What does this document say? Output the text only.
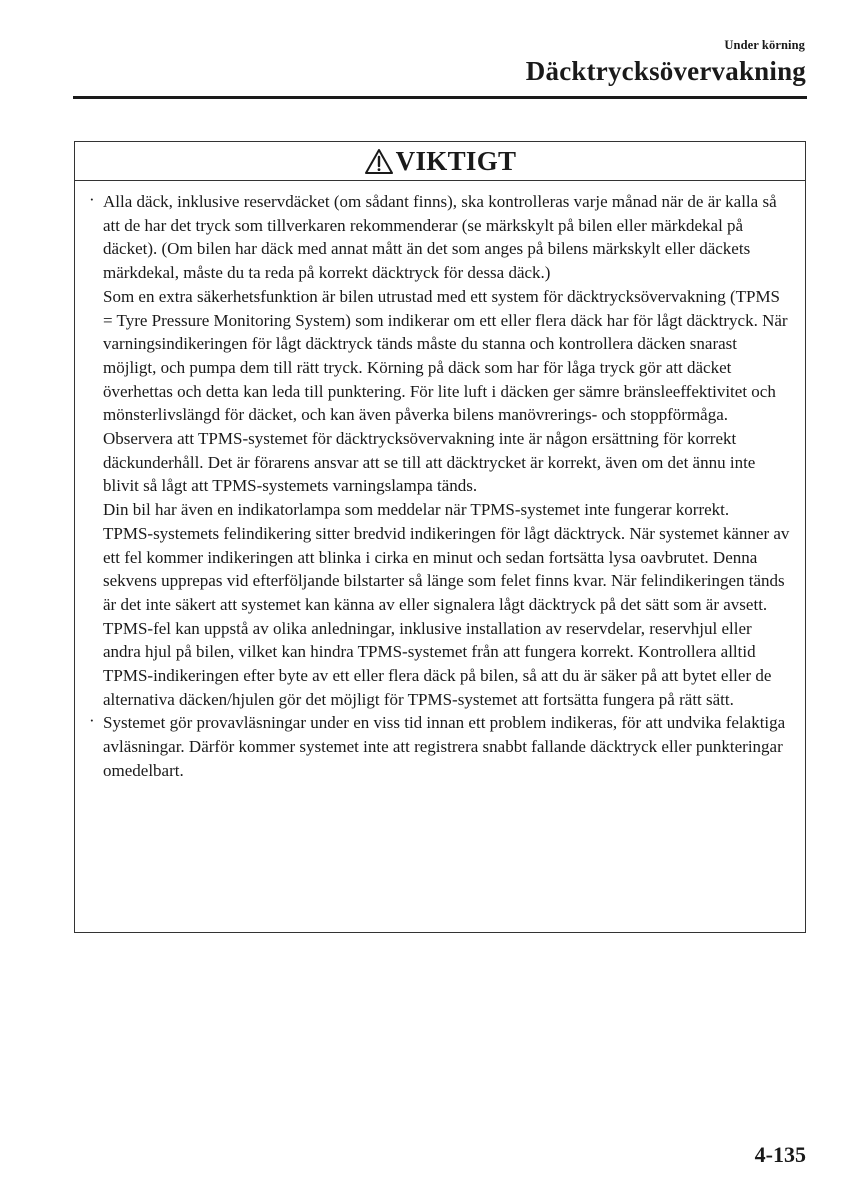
Under körning
Däcktrycksövervakning
VIKTIGT
· Alla däck, inklusive reservdäcket (om sådant finns), ska kontrolleras varje månad när de är kalla så att de har det tryck som tillverkaren rekommenderar (se märkskylt på bilen eller märkdekal på däcket). (Om bilen har däck med annat mått än det som anges på bilens märkskylt eller däckets märkdekal, måste du ta reda på korrekt däcktryck för dessa däck.)

Som en extra säkerhetsfunktion är bilen utrustad med ett system för däcktrycksövervakning (TPMS = Tyre Pressure Monitoring System) som indikerar om ett eller flera däck har för lågt däcktryck. När varningsindikeringen för lågt däcktryck tänds måste du stanna och kontrollera däcken snarast möjligt, och pumpa dem till rätt tryck. Körning på däck som har för låga tryck gör att däcket överhettas och detta kan leda till punktering. För lite luft i däcken ger sämre bränsleeffektivitet och mönsterlivslängd för däcket, och kan även påverka bilens manövrerings- och stoppförmåga.

Observera att TPMS-systemet för däcktrycksövervakning inte är någon ersättning för korrekt däckunderhåll. Det är förarens ansvar att se till att däcktrycket är korrekt, även om det ännu inte blivit så lågt att TPMS-systemets varningslampa tänds.

Din bil har även en indikatorlampa som meddelar när TPMS-systemet inte fungerar korrekt.

TPMS-systemets felindikering sitter bredvid indikeringen för lågt däcktryck. När systemet känner av ett fel kommer indikeringen att blinka i cirka en minut och sedan fortsätta lysa oavbrutet. Denna sekvens upprepas vid efterföljande bilstarter så länge som felet finns kvar. När felindikeringen tänds är det inte säkert att systemet kan känna av eller signalera lågt däcktryck på det sätt som är avsett. TPMS-fel kan uppstå av olika anledningar, inklusive installation av reservdelar, reservhjul eller andra hjul på bilen, vilket kan hindra TPMS-systemet från att fungera korrekt. Kontrollera alltid TPMS-indikeringen efter byte av ett eller flera däck på bilen, så att du är säker på att bytet eller de alternativa däcken/hjulen gör det möjligt för TPMS-systemet att fortsätta fungera på rätt sätt.

· Systemet gör provavläsningar under en viss tid innan ett problem indikeras, för att undvika felaktiga avläsningar. Därför kommer systemet inte att registrera snabbt fallande däcktryck eller punkteringar omedelbart.

4-135
